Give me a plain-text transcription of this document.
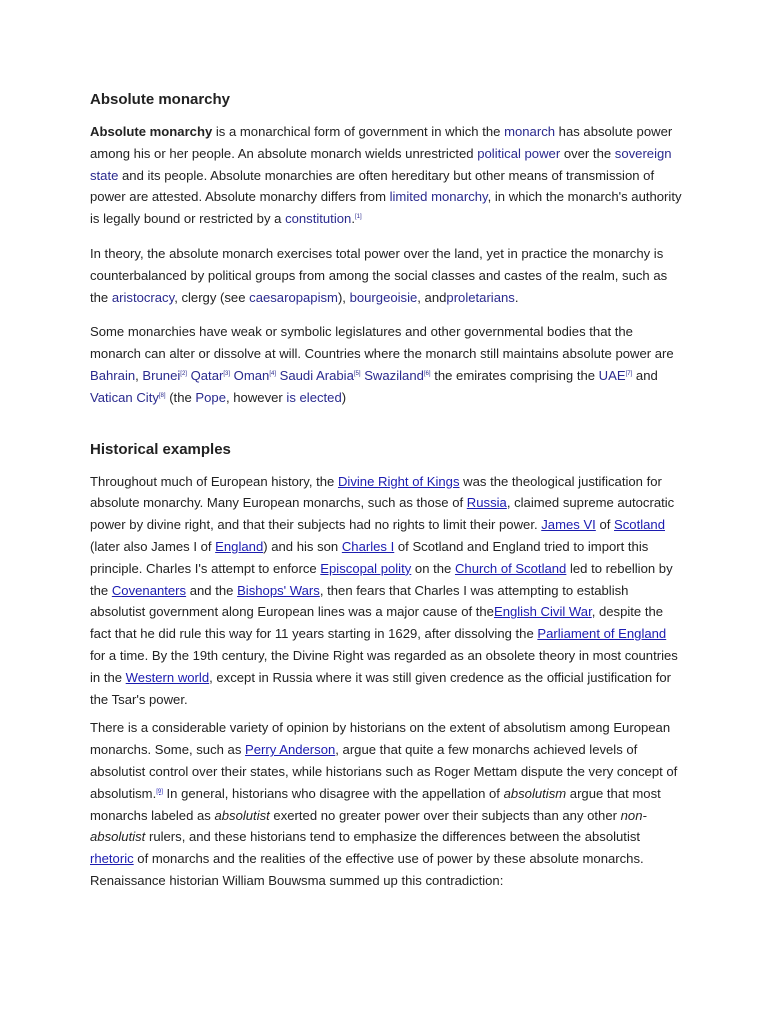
Absolute monarchy

Absolute monarchy is a monarchical form of government in which the monarch has absolute power among his or her people. An absolute monarch wields unrestricted political power over the sovereign state and its people. Absolute monarchies are often hereditary but other means of transmission of power are attested. Absolute monarchy differs from limited monarchy, in which the monarch's authority is legally bound or restricted by a constitution.[1]

In theory, the absolute monarch exercises total power over the land, yet in practice the monarchy is counterbalanced by political groups from among the social classes and castes of the realm, such as the aristocracy, clergy (see caesaropapism), bourgeoisie, andproletarians.

Some monarchies have weak or symbolic legislatures and other governmental bodies that the monarch can alter or dissolve at will. Countries where the monarch still maintains absolute power are Bahrain, Brunei[2] Qatar[3] Oman[4] Saudi Arabia[5] Swaziland[6] the emirates comprising the UAE[7] and Vatican City[8] (the Pope, however is elected)

Historical examples

Throughout much of European history, the Divine Right of Kings was the theological justification for absolute monarchy. Many European monarchs, such as those of Russia, claimed supreme autocratic power by divine right, and that their subjects had no rights to limit their power. James VI of Scotland (later also James I of England) and his son Charles I of Scotland and England tried to import this principle. Charles I's attempt to enforce Episcopal polity on the Church of Scotland led to rebellion by the Covenanters and the Bishops' Wars, then fears that Charles I was attempting to establish absolutist government along European lines was a major cause of theEnglish Civil War, despite the fact that he did rule this way for 11 years starting in 1629, after dissolving the Parliament of England for a time. By the 19th century, the Divine Right was regarded as an obsolete theory in most countries in the Western world, except in Russia where it was still given credence as the official justification for the Tsar's power.

There is a considerable variety of opinion by historians on the extent of absolutism among European monarchs. Some, such as Perry Anderson, argue that quite a few monarchs achieved levels of absolutist control over their states, while historians such as Roger Mettam dispute the very concept of absolutism.[9] In general, historians who disagree with the appellation of absolutism argue that most monarchs labeled as absolutist exerted no greater power over their subjects than any other non-absolutist rulers, and these historians tend to emphasize the differences between the absolutist rhetoric of monarchs and the realities of the effective use of power by these absolute monarchs. Renaissance historian William Bouwsma summed up this contradiction:
